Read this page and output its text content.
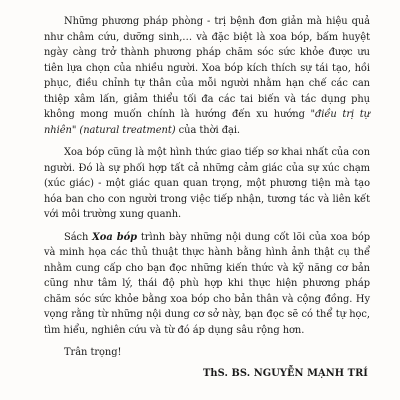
Những phương pháp phòng - trị bệnh đơn giản mà hiệu quả như châm cứu, dưỡng sinh,… và đặc biệt là xoa bóp, bấm huyệt ngày càng trở thành phương pháp chăm sóc sức khỏe được ưu tiên lựa chọn của nhiều người. Xoa bóp kích thích sự tái tạo, hồi phục, điều chỉnh tự thân của mỗi người nhằm hạn chế các can thiệp xâm lấn, giảm thiểu tối đa các tai biến và tác dụng phụ không mong muốn chính là hướng đến xu hướng "điều trị tự nhiên" (natural treatment) của thời đại.

Xoa bóp cũng là một hình thức giao tiếp sơ khai nhất của con người. Đó là sự phối hợp tất cả những cảm giác của sự xúc chạm (xúc giác) - một giác quan quan trọng, một phương tiện mà tạo hóa ban cho con người trong việc tiếp nhận, tương tác và liên kết với môi trường xung quanh.

Sách Xoa bóp trình bày những nội dung cốt lõi của xoa bóp và minh họa các thủ thuật thực hành bằng hình ảnh thật cụ thể nhằm cung cấp cho bạn đọc những kiến thức và kỹ năng cơ bản cũng như tâm lý, thái độ phù hợp khi thực hiện phương pháp chăm sóc sức khỏe bằng xoa bóp cho bản thân và cộng đồng. Hy vọng rằng từ những nội dung cơ sở này, bạn đọc sẽ có thể tự học, tìm hiểu, nghiên cứu và từ đó áp dụng sâu rộng hơn.

Trân trọng!

ThS. BS. NGUYỄN MẠNH TRÍ
